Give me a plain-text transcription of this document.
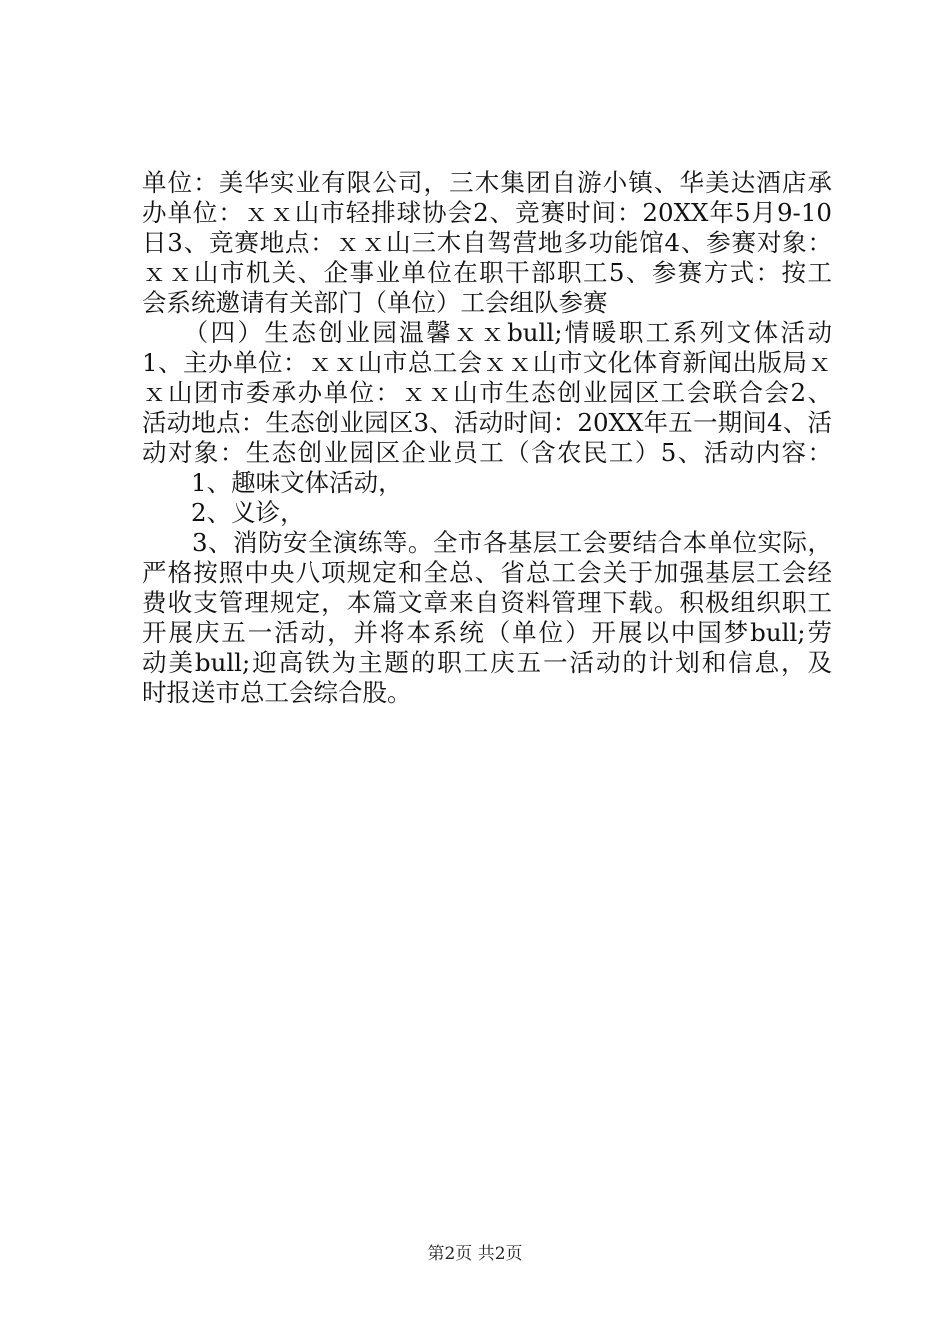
单位：美华实业有限公司，三木集团自游小镇、华美达酒店承
办单位：ｘｘ山市轻排球协会2、竞赛时间：20XX年5月9-10
日3、竞赛地点：ｘｘ山三木自驾营地多功能馆4、参赛对象：
ｘｘ山市机关、企事业单位在职干部职工5、参赛方式：按工
会系统邀请有关部门（单位）工会组队参赛
　　（四）生态创业园温馨ｘｘbull;情暖职工系列文体活动
1、主办单位：ｘｘ山市总工会ｘｘ山市文化体育新闻出版局ｘ
ｘ山团市委承办单位：ｘｘ山市生态创业园区工会联合会2、
活动地点：生态创业园区3、活动时间：20XX年五一期间4、活
动对象：生态创业园区企业员工（含农民工）5、活动内容：
　　1、趣味文体活动，
　　2、义诊，
　　3、消防安全演练等。全市各基层工会要结合本单位实际，
严格按照中央八项规定和全总、省总工会关于加强基层工会经
费收支管理规定，本篇文章来自资料管理下载。积极组织职工
开展庆五一活动，并将本系统（单位）开展以中国梦bull;劳
动美bull;迎高铁为主题的职工庆五一活动的计划和信息，及
时报送市总工会综合股。
第2页 共2页
